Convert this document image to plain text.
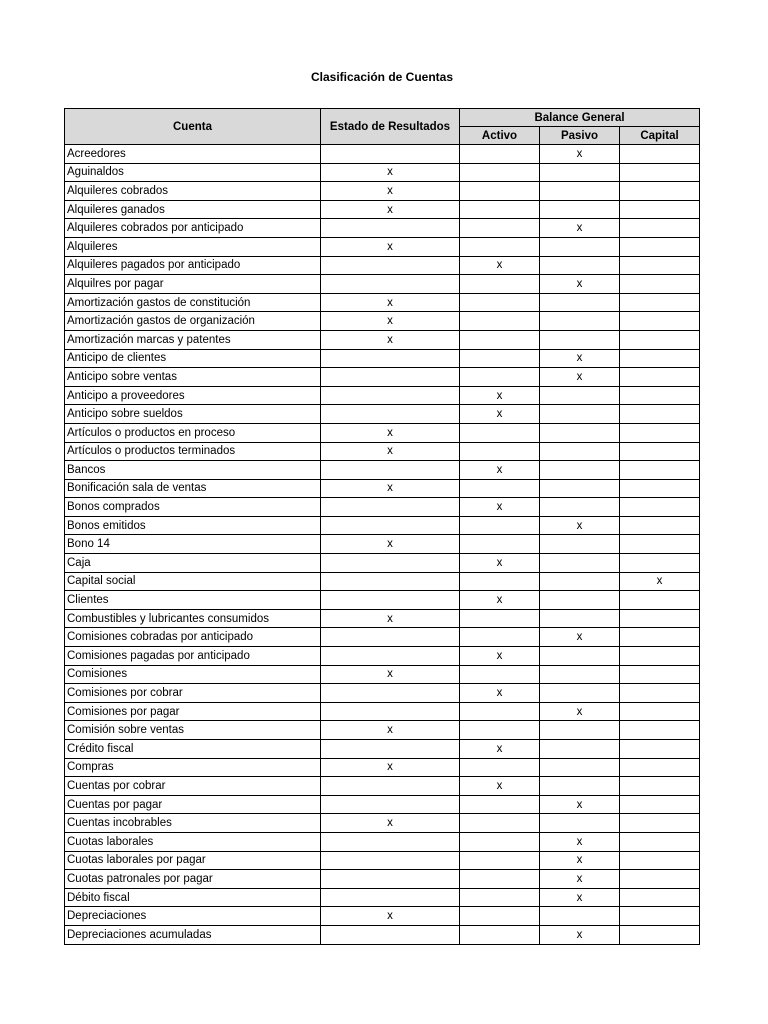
Clasificación de Cuentas
Cuenta	Estado de Resultados	Balance General		
		Activo	Pasivo	Capital
Acreedores			x	
Aguinaldos	x			
Alquileres cobrados	x			
Alquileres ganados	x			
Alquileres cobrados por anticipado			x	
Alquileres	x			
Alquileres pagados por anticipado		x		
Alquilres por pagar			x	
Amortización gastos de constitución	x			
Amortización gastos de organización	x			
Amortización marcas y patentes	x			
Anticipo de clientes			x	
Anticipo sobre ventas			x	
Anticipo a proveedores		x		
Anticipo sobre sueldos		x		
Artículos o productos en proceso	x			
Artículos o productos terminados	x			
Bancos		x		
Bonificación sala de ventas	x			
Bonos comprados		x		
Bonos emitidos			x	
Bono 14	x			
Caja		x		
Capital social				x
Clientes		x		
Combustibles y lubricantes consumidos	x			
Comisiones cobradas por anticipado			x	
Comisiones pagadas por anticipado		x		
Comisiones	x			
Comisiones por cobrar		x		
Comisiones por pagar			x	
Comisión sobre ventas	x			
Crédito fiscal		x		
Compras	x			
Cuentas por cobrar		x		
Cuentas por pagar			x	
Cuentas incobrables	x			
Cuotas laborales			x	
Cuotas laborales por pagar			x	
Cuotas patronales por pagar			x	
Débito fiscal			x	
Depreciaciones	x			
Depreciaciones acumuladas			x	
